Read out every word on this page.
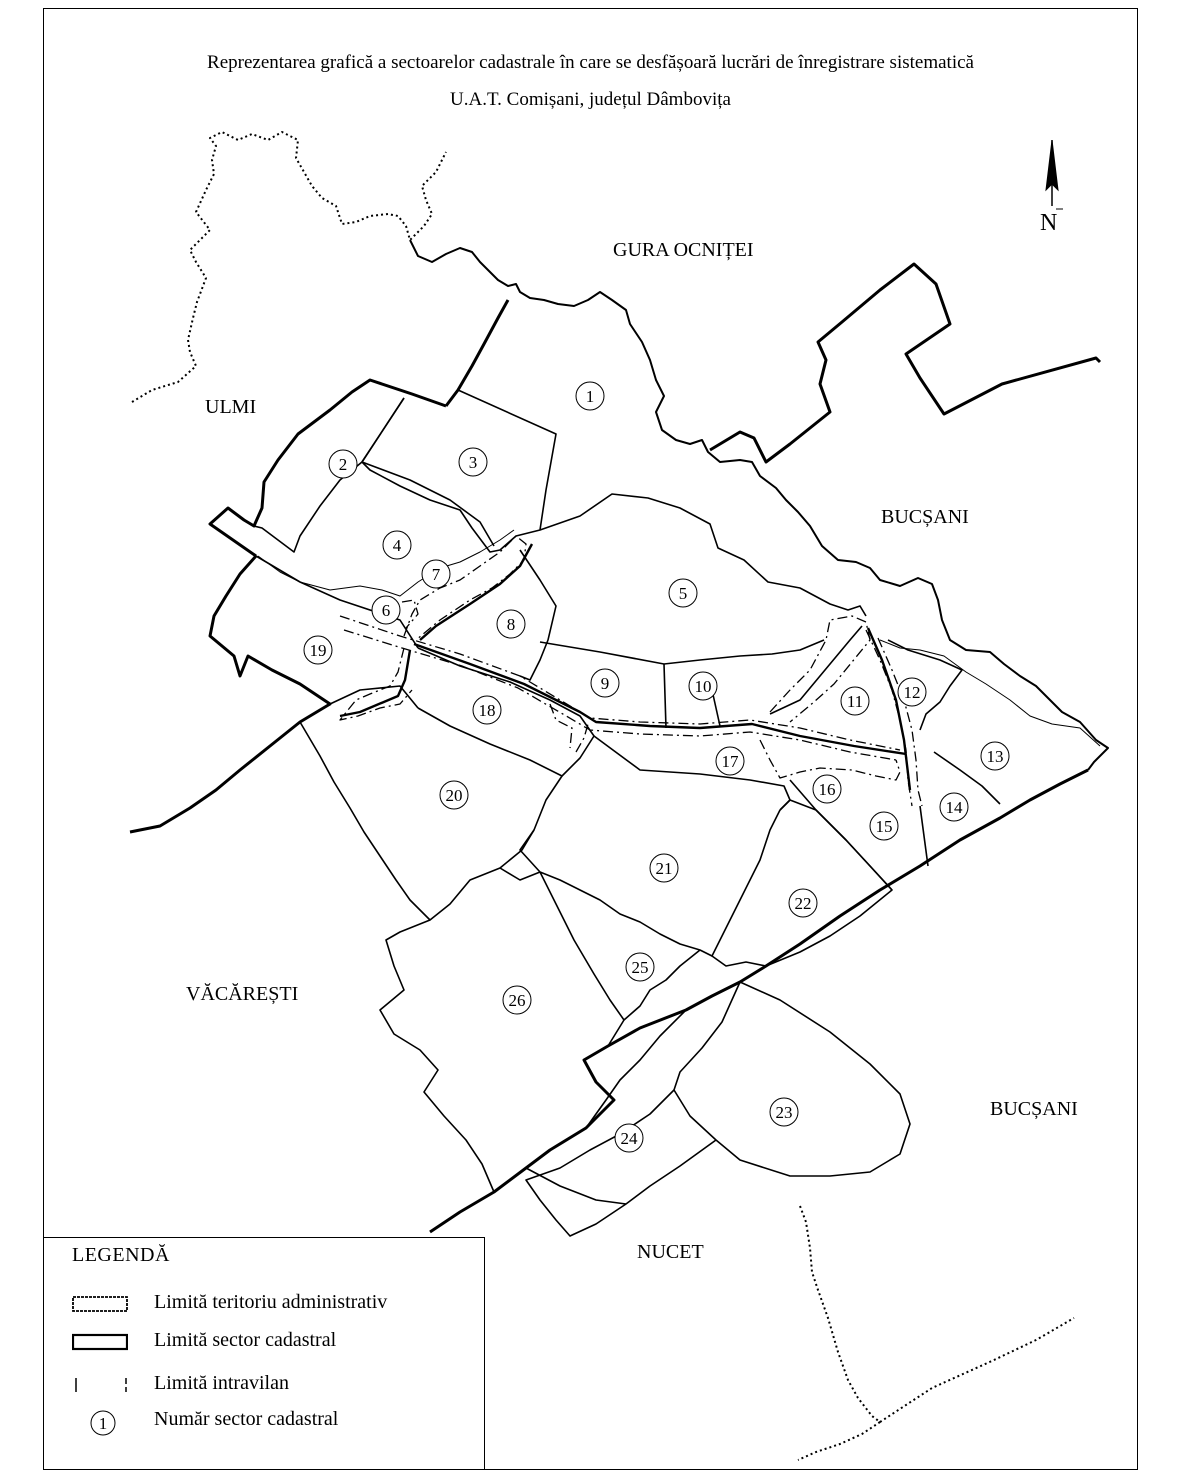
Reprezentarea grafică a sectoarelor cadastrale în care se desfășoară lucrări de înregistrare sistematică
U.A.T. Comișani, județul Dâmbovița
1
2	3
4
5
6
7
8
9	10
11 12
13
14
15
16
17
18
19
20
21
22
23
24
25
26
GURA OCNIȚEI
ULMI
BUCȘANI
VĂCĂREȘTI
BUCȘANI
NUCET
N
LEGENDĂ
Limită teritoriu administrativ
Limită sector cadastral
Limită intravilan
1 Număr sector cadastral
